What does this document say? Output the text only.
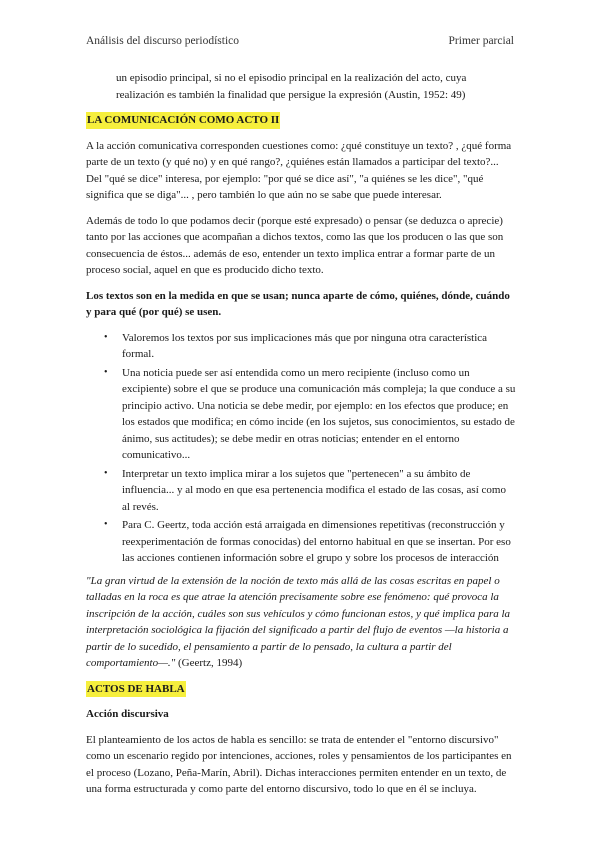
Análisis del discurso periodístico	Primer parcial

un episodio principal, si no el episodio principal en la realización del acto, cuya realización es también la finalidad que persigue la expresión (Austin, 1952: 49)

LA COMUNICACIÓN COMO ACTO II

A la acción comunicativa corresponden cuestiones como: ¿qué constituye un texto? , ¿qué forma parte de un texto (y qué no) y en qué rango?, ¿quiénes están llamados a participar del texto?... Del "qué se dice" interesa, por ejemplo: "por qué se dice así", "a quiénes se les dice", "qué significa que se diga"... , pero también lo que aún no se sabe que puede interesar.

Además de todo lo que podamos decir (porque esté expresado) o pensar (se deduzca o aprecie) tanto por las acciones que acompañan a dichos textos, como las que los producen o las que son consecuencia de éstos... además de eso, entender un texto implica entrar a formar parte de un proceso social, aquel en que es producido dicho texto.

Los textos son en la medida en que se usan; nunca aparte de cómo, quiénes, dónde, cuándo y para qué (por qué) se usen.

• Valoremos los textos por sus implicaciones más que por ninguna otra característica formal.
• Una noticia puede ser así entendida como un mero recipiente (incluso como un excipiente) sobre el que se produce una comunicación más compleja; la que conduce a su principio activo. Una noticia se debe medir, por ejemplo: en los efectos que produce; en los estados que modifica; en cómo incide (en los sujetos, sus conocimientos, su estado de ánimo, sus actitudes); se debe medir en otras noticias; entender en el entorno comunicativo...
• Interpretar un texto implica mirar a los sujetos que "pertenecen" a su ámbito de influencia... y al modo en que esa pertenencia modifica el estado de las cosas, así como al revés.
• Para C. Geertz, toda acción está arraigada en dimensiones repetitivas (reconstrucción y reexperimentación de formas conocidas) del entorno habitual en que se insertan. Por eso las acciones contienen información sobre el grupo y sobre los procesos de interacción

"La gran virtud de la extensión de la noción de texto más allá de las cosas escritas en papel o talladas en la roca es que atrae la atención precisamente sobre ese fenómeno: qué provoca la inscripción de la acción, cuáles son sus vehículos y cómo funcionan estos, y qué implica para la interpretación sociológica la fijación del significado a partir del flujo de eventos —la historia a partir de lo sucedido, el pensamiento a partir de lo pensado, la cultura a partir del comportamiento—." (Geertz, 1994)

ACTOS DE HABLA

Acción discursiva

El planteamiento de los actos de habla es sencillo: se trata de entender el "entorno discursivo" como un escenario regido por intenciones, acciones, roles y pensamientos de los participantes en el proceso (Lozano, Peña-Marín, Abril). Dichas interacciones permiten entender en un texto, de una forma estructurada y como parte del entorno discursivo, todo lo que en él se incluya.
